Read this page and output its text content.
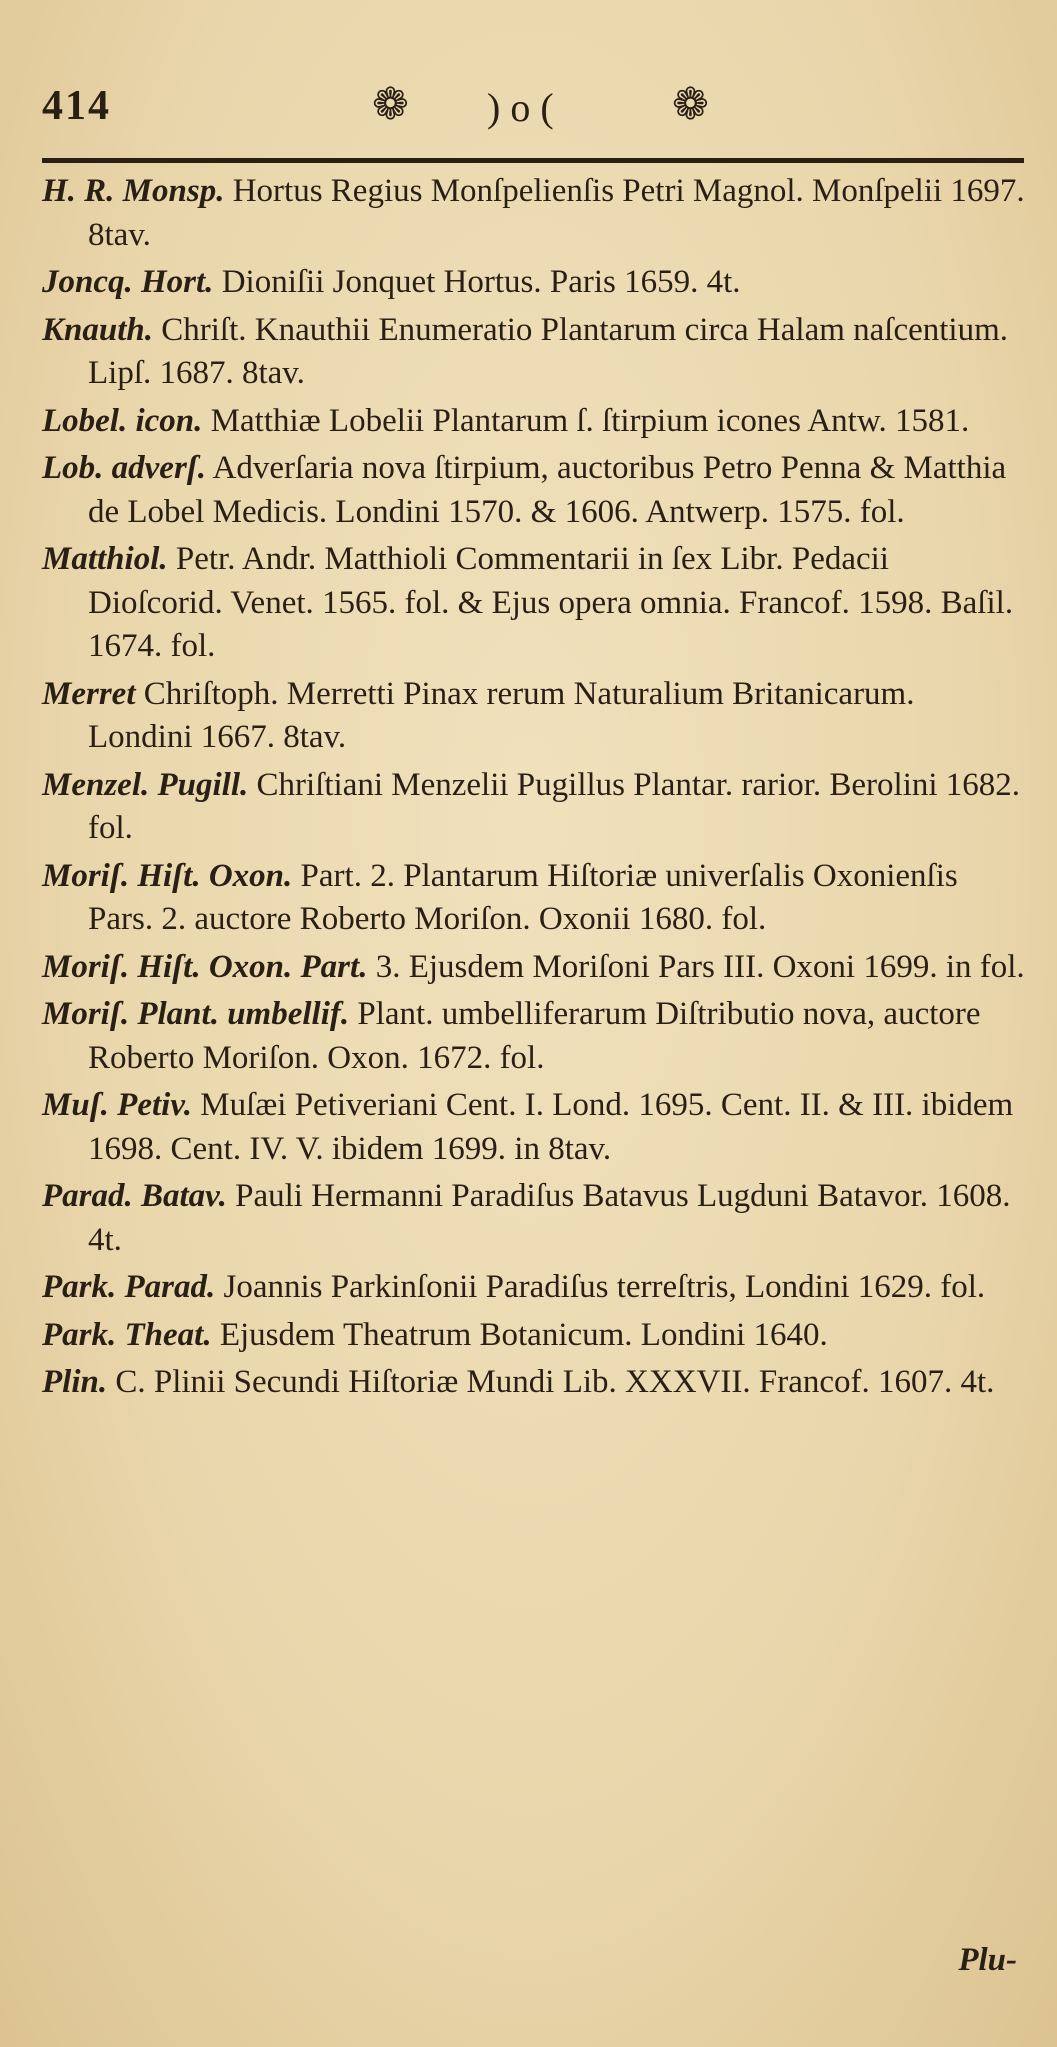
414	❁ )o( ❁

H. R. Monsp. Hortus Regius Monſpelienſis Petri Magnol. Monſpelii 1697. 8tav.

Joncq. Hort. Dioniſii Jonquet Hortus. Paris 1659. 4t.

Knauth. Chriſt. Knauthii Enumeratio Plantarum circa Halam naſcentium. Lipſ. 1687. 8tav.

Lobel. icon. Matthiæ Lobelii Plantarum ſ. ſtirpium icones Antw. 1581.

Lob. adverſ. Adverſaria nova ſtirpium, auctoribus Petro Penna & Matthia de Lobel Medicis. Londini 1570. & 1606. Antwerp. 1575. fol.

Matthiol. Petr. Andr. Matthioli Commentarii in ſex Libr. Pedacii Dioſcorid. Venet. 1565. fol. & Ejus opera omnia. Francof. 1598. Baſil. 1674. fol.

Merret Chriſtoph. Merretti Pinax rerum Naturalium Britanicarum. Londini 1667. 8tav.

Menzel. Pugill. Chriſtiani Menzelii Pugillus Plantar. rarior. Berolini 1682. fol.

Moriſ. Hiſt. Oxon. Part. 2. Plantarum Hiſtoriæ univerſalis Oxonienſis Pars. 2. auctore Roberto Moriſon. Oxonii 1680. fol.

Moriſ. Hiſt. Oxon. Part. 3. Ejusdem Moriſoni Pars III. Oxoni 1699. in fol.

Moriſ. Plant. umbellif. Plant. umbelliferarum Diſtributio nova, auctore Roberto Moriſon. Oxon. 1672. fol.

Muſ. Petiv. Muſæi Petiveriani Cent. I. Lond. 1695. Cent. II. & III. ibidem 1698. Cent. IV. V. ibidem 1699. in 8tav.

Parad. Batav. Pauli Hermanni Paradiſus Batavus Lugduni Batavor. 1608. 4t.

Park. Parad. Joannis Parkinſonii Paradiſus terreſtris, Londini 1629. fol.

Park. Theat. Ejusdem Theatrum Botanicum. Londini 1640.

Plin. C. Plinii Secundi Hiſtoriæ Mundi Lib. XXXVII. Francof. 1607. 4t.

Plu-
